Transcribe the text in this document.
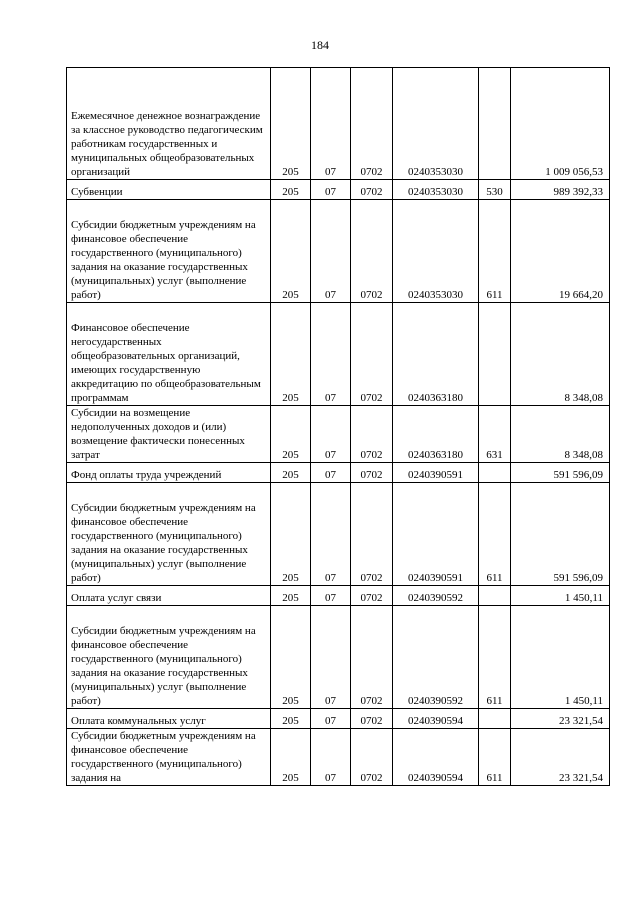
184
Ежемесячное денежное вознаграждение за классное руководство педагогическим работникам государственных и муниципальных общеобразовательных организаций	205	07	0702	0240353030		1 009 056,53
Субвенции	205	07	0702	0240353030	530	989 392,33
Субсидии бюджетным учреждениям на финансовое обеспечение государственного (муниципального) задания на оказание государственных (муниципальных) услуг (выполнение работ)	205	07	0702	0240353030	611	19 664,20
Финансовое обеспечение негосударственных общеобразовательных организаций, имеющих государственную аккредитацию по общеобразовательным программам	205	07	0702	0240363180		8 348,08
Субсидии на возмещение недополученных доходов и (или) возмещение фактически понесенных затрат	205	07	0702	0240363180	631	8 348,08
Фонд оплаты труда учреждений	205	07	0702	0240390591		591 596,09
Субсидии бюджетным учреждениям на финансовое обеспечение государственного (муниципального) задания на оказание государственных (муниципальных) услуг (выполнение работ)	205	07	0702	0240390591	611	591 596,09
Оплата услуг связи	205	07	0702	0240390592		1 450,11
Субсидии бюджетным учреждениям на финансовое обеспечение государственного (муниципального) задания на оказание государственных (муниципальных) услуг (выполнение работ)	205	07	0702	0240390592	611	1 450,11
Оплата коммунальных услуг	205	07	0702	0240390594		23 321,54
Субсидии бюджетным учреждениям на финансовое обеспечение государственного (муниципального) задания на	205	07	0702	0240390594	611	23 321,54
